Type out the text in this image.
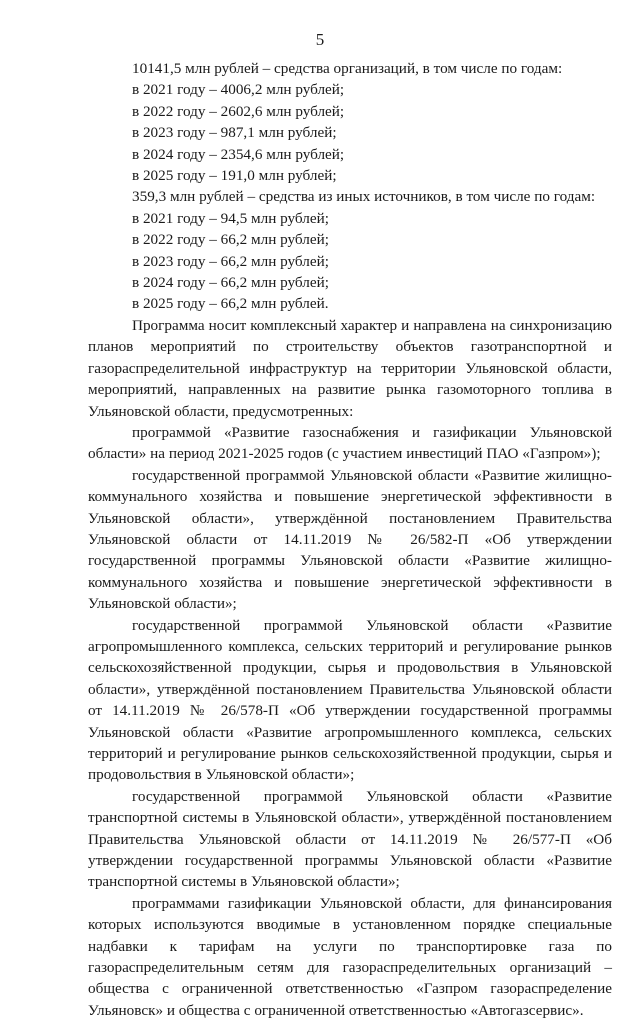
5
10141,5 млн рублей – средства организаций, в том числе по годам:
в 2021 году – 4006,2 млн рублей;
в 2022 году – 2602,6 млн рублей;
в 2023 году – 987,1 млн рублей;
в 2024 году – 2354,6 млн рублей;
в 2025 году – 191,0 млн рублей;
359,3 млн рублей – средства из иных источников, в том числе по годам:
в 2021 году – 94,5 млн рублей;
в 2022 году – 66,2 млн рублей;
в 2023 году – 66,2 млн рублей;
в 2024 году – 66,2 млн рублей;
в 2025 году – 66,2 млн рублей.
Программа носит комплексный характер и направлена на синхронизацию планов мероприятий по строительству объектов газотранспортной и газораспределительной инфраструктур на территории Ульяновской области, мероприятий, направленных на развитие рынка газомоторного топлива в Ульяновской области, предусмотренных:
программой «Развитие газоснабжения и газификации Ульяновской области» на период 2021-2025 годов (с участием инвестиций ПАО «Газпром»);
государственной программой Ульяновской области «Развитие жилищно-коммунального хозяйства и повышение энергетической эффективности в Ульяновской области», утверждённой постановлением Правительства Ульяновской области от 14.11.2019 № 26/582-П «Об утверждении государственной программы Ульяновской области «Развитие жилищно-коммунального хозяйства и повышение энергетической эффективности в Ульяновской области»;
государственной программой Ульяновской области «Развитие агропромышленного комплекса, сельских территорий и регулирование рынков сельскохозяйственной продукции, сырья и продовольствия в Ульяновской области», утверждённой постановлением Правительства Ульяновской области от 14.11.2019 № 26/578-П «Об утверждении государственной программы Ульяновской области «Развитие агропромышленного комплекса, сельских территорий и регулирование рынков сельскохозяйственной продукции, сырья и продовольствия в Ульяновской области»;
государственной программой Ульяновской области «Развитие транспортной системы в Ульяновской области», утверждённой постановлением Правительства Ульяновской области от 14.11.2019 № 26/577-П «Об утверждении государственной программы Ульяновской области «Развитие транспортной системы в Ульяновской области»;
программами газификации Ульяновской области, для финансирования которых используются вводимые в установленном порядке специальные надбавки к тарифам на услуги по транспортировке газа по газораспределительным сетям для газораспределительных организаций – общества с ограниченной ответственностью «Газпром газораспределение Ульяновск» и общества с ограниченной ответственностью «Автогазсервис».
